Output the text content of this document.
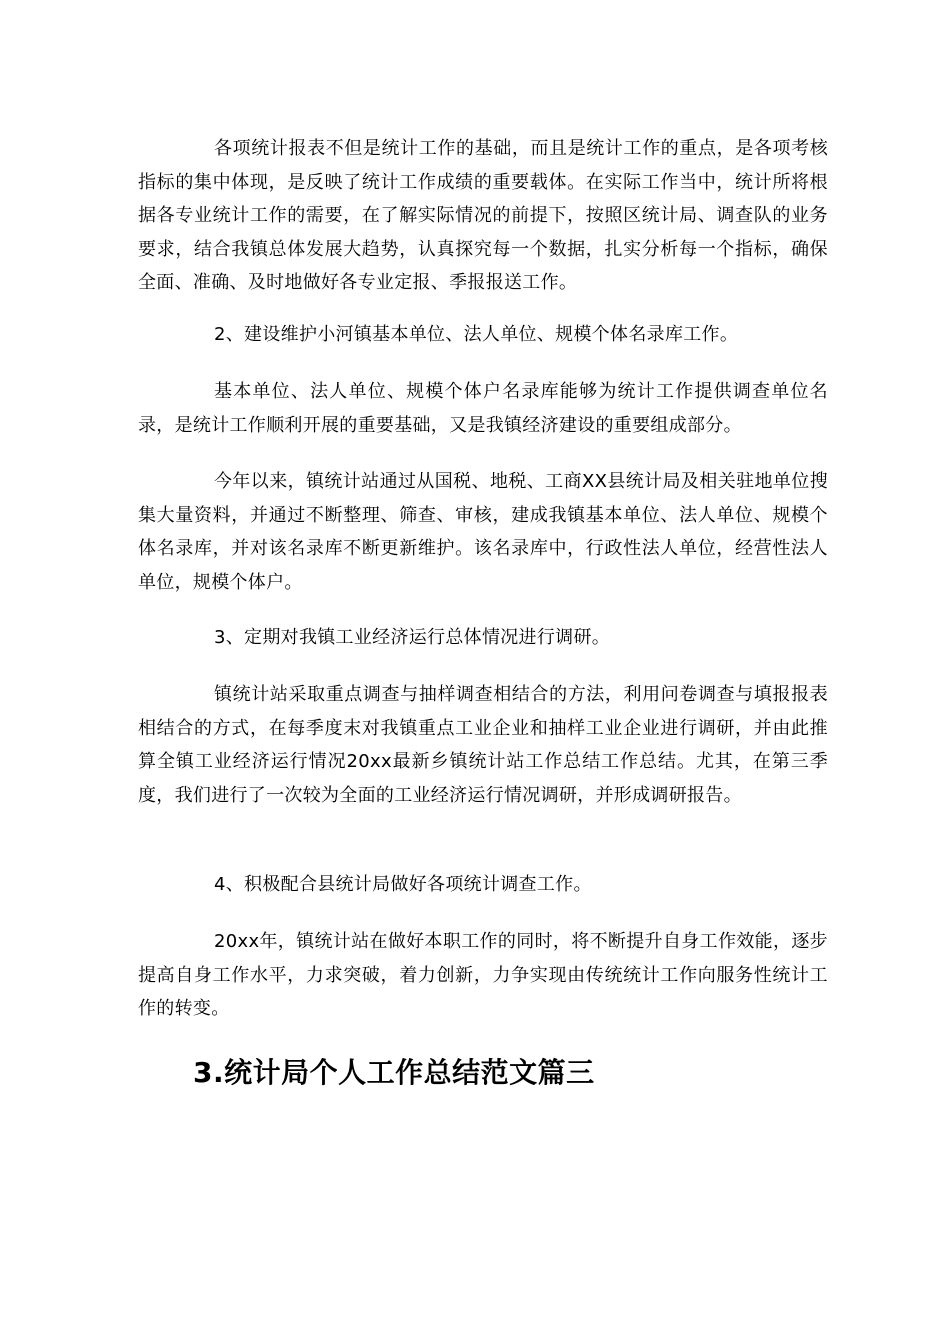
各项统计报表不但是统计工作的基础，而且是统计工作的重点，是各项考核指标的集中体现，是反映了统计工作成绩的重要载体。在实际工作当中，统计所将根据各专业统计工作的需要，在了解实际情况的前提下，按照区统计局、调查队的业务要求，结合我镇总体发展大趋势，认真探究每一个数据，扎实分析每一个指标，确保全面、准确、及时地做好各专业定报、季报报送工作。

2、建设维护小河镇基本单位、法人单位、规模个体名录库工作。

基本单位、法人单位、规模个体户名录库能够为统计工作提供调查单位名录，是统计工作顺利开展的重要基础，又是我镇经济建设的重要组成部分。

今年以来，镇统计站通过从国税、地税、工商XX县统计局及相关驻地单位搜集大量资料，并通过不断整理、筛查、审核，建成我镇基本单位、法人单位、规模个体名录库，并对该名录库不断更新维护。该名录库中，行政性法人单位，经营性法人单位，规模个体户。

3、定期对我镇工业经济运行总体情况进行调研。

镇统计站采取重点调查与抽样调查相结合的方法，利用问卷调查与填报报表相结合的方式，在每季度末对我镇重点工业企业和抽样工业企业进行调研，并由此推算全镇工业经济运行情况20xx最新乡镇统计站工作总结工作总结。尤其，在第三季度，我们进行了一次较为全面的工业经济运行情况调研，并形成调研报告。

4、积极配合县统计局做好各项统计调查工作。

20xx年，镇统计站在做好本职工作的同时，将不断提升自身工作效能，逐步提高自身工作水平，力求突破，着力创新，力争实现由传统统计工作向服务性统计工作的转变。

3.统计局个人工作总结范文篇三
